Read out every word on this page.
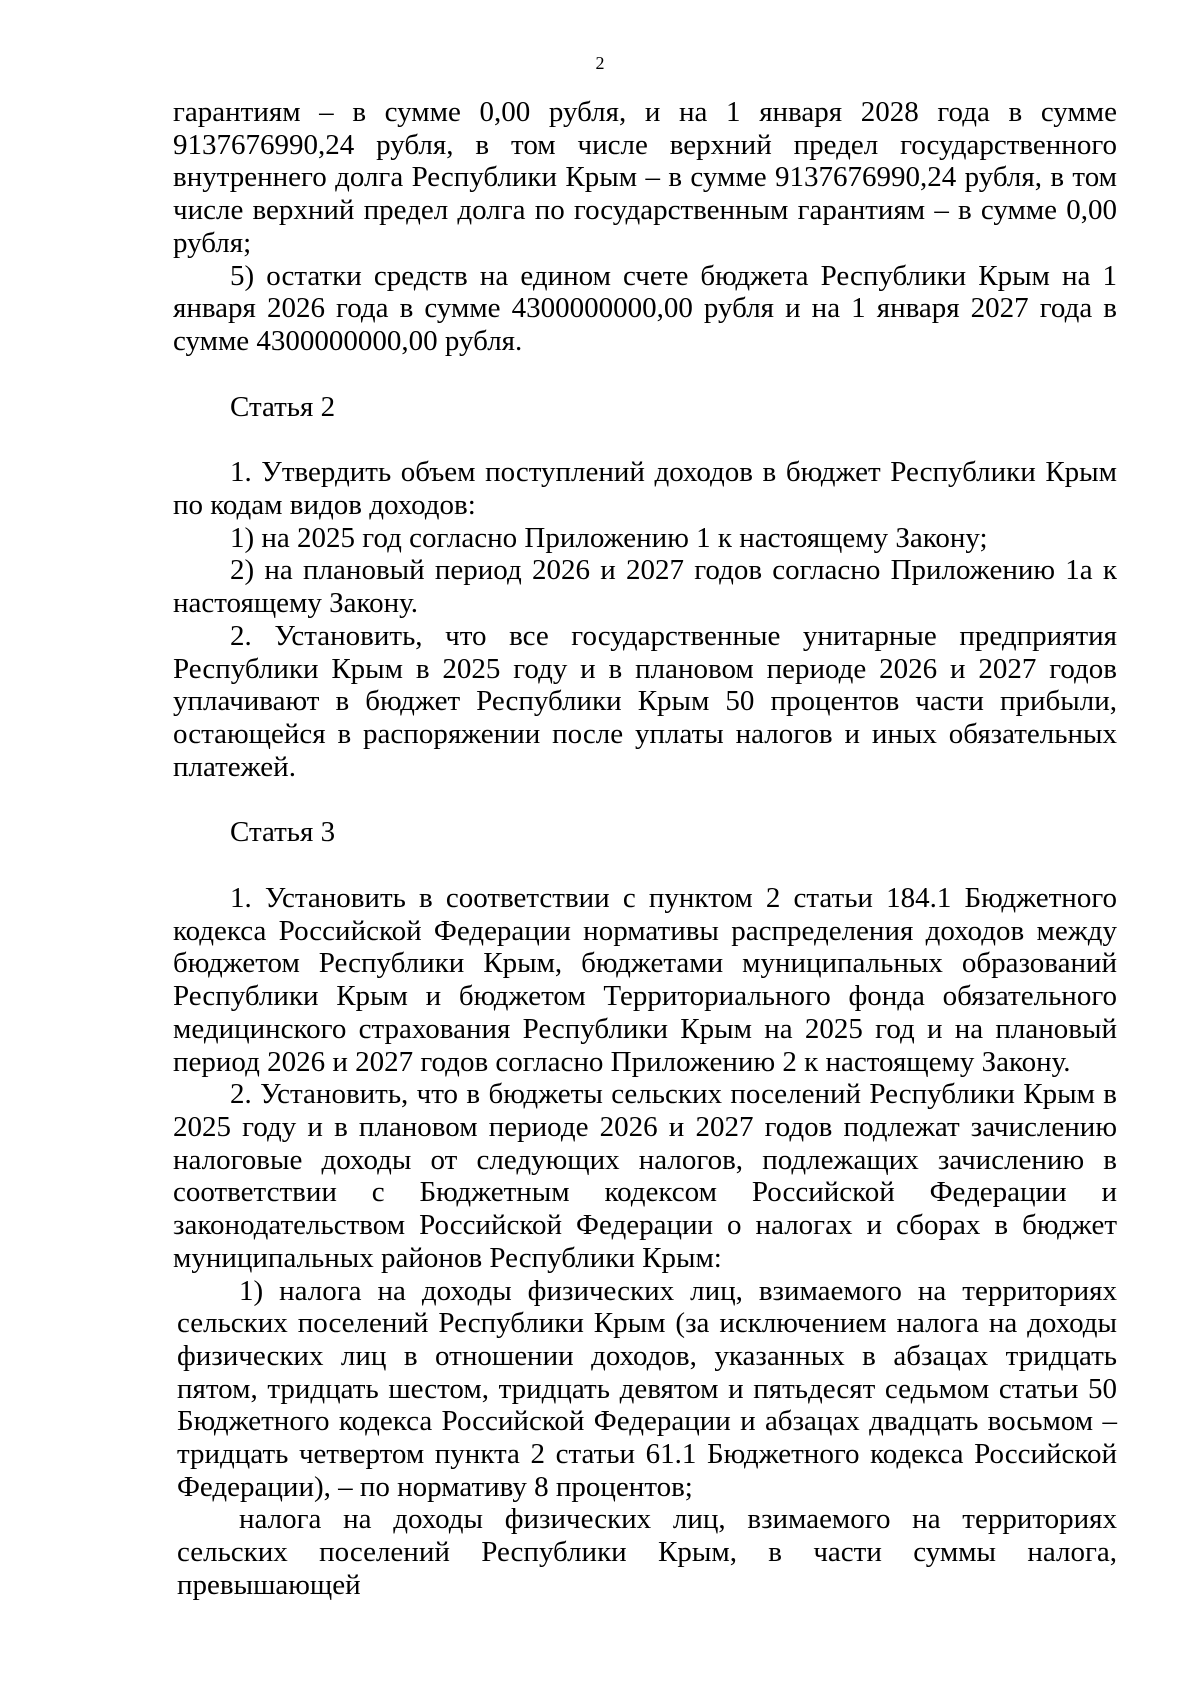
2

гарантиям – в сумме 0,00 рубля, и на 1 января 2028 года в сумме 9137676990,24 рубля, в том числе верхний предел государственного внутреннего долга Республики Крым – в сумме 9137676990,24 рубля, в том числе верхний предел долга по государственным гарантиям – в сумме 0,00 рубля;

5) остатки средств на едином счете бюджета Республики Крым на 1 января 2026 года в сумме 4300000000,00 рубля и на 1 января 2027 года в сумме 4300000000,00 рубля.

Статья 2

1. Утвердить объем поступлений доходов в бюджет Республики Крым по кодам видов доходов:

1) на 2025 год согласно Приложению 1 к настоящему Закону;

2) на плановый период 2026 и 2027 годов согласно Приложению 1а к настоящему Закону.

2. Установить, что все государственные унитарные предприятия Республики Крым в 2025 году и в плановом периоде 2026 и 2027 годов уплачивают в бюджет Республики Крым 50 процентов части прибыли, остающейся в распоряжении после уплаты налогов и иных обязательных платежей.

Статья 3

1. Установить в соответствии с пунктом 2 статьи 184.1 Бюджетного кодекса Российской Федерации нормативы распределения доходов между бюджетом Республики Крым, бюджетами муниципальных образований Республики Крым и бюджетом Территориального фонда обязательного медицинского страхования Республики Крым на 2025 год и на плановый период 2026 и 2027 годов согласно Приложению 2 к настоящему Закону.

2. Установить, что в бюджеты сельских поселений Республики Крым в 2025 году и в плановом периоде 2026 и 2027 годов подлежат зачислению налоговые доходы от следующих налогов, подлежащих зачислению в соответствии с Бюджетным кодексом Российской Федерации и законодательством Российской Федерации о налогах и сборах в бюджет муниципальных районов Республики Крым:

1) налога на доходы физических лиц, взимаемого на территориях сельских поселений Республики Крым (за исключением налога на доходы физических лиц в отношении доходов, указанных в абзацах тридцать пятом, тридцать шестом, тридцать девятом и пятьдесят седьмом статьи 50 Бюджетного кодекса Российской Федерации и абзацах двадцать восьмом – тридцать четвертом пункта 2 статьи 61.1 Бюджетного кодекса Российской Федерации), – по нормативу 8 процентов;

налога на доходы физических лиц, взимаемого на территориях сельских поселений Республики Крым, в части суммы налога, превышающей
